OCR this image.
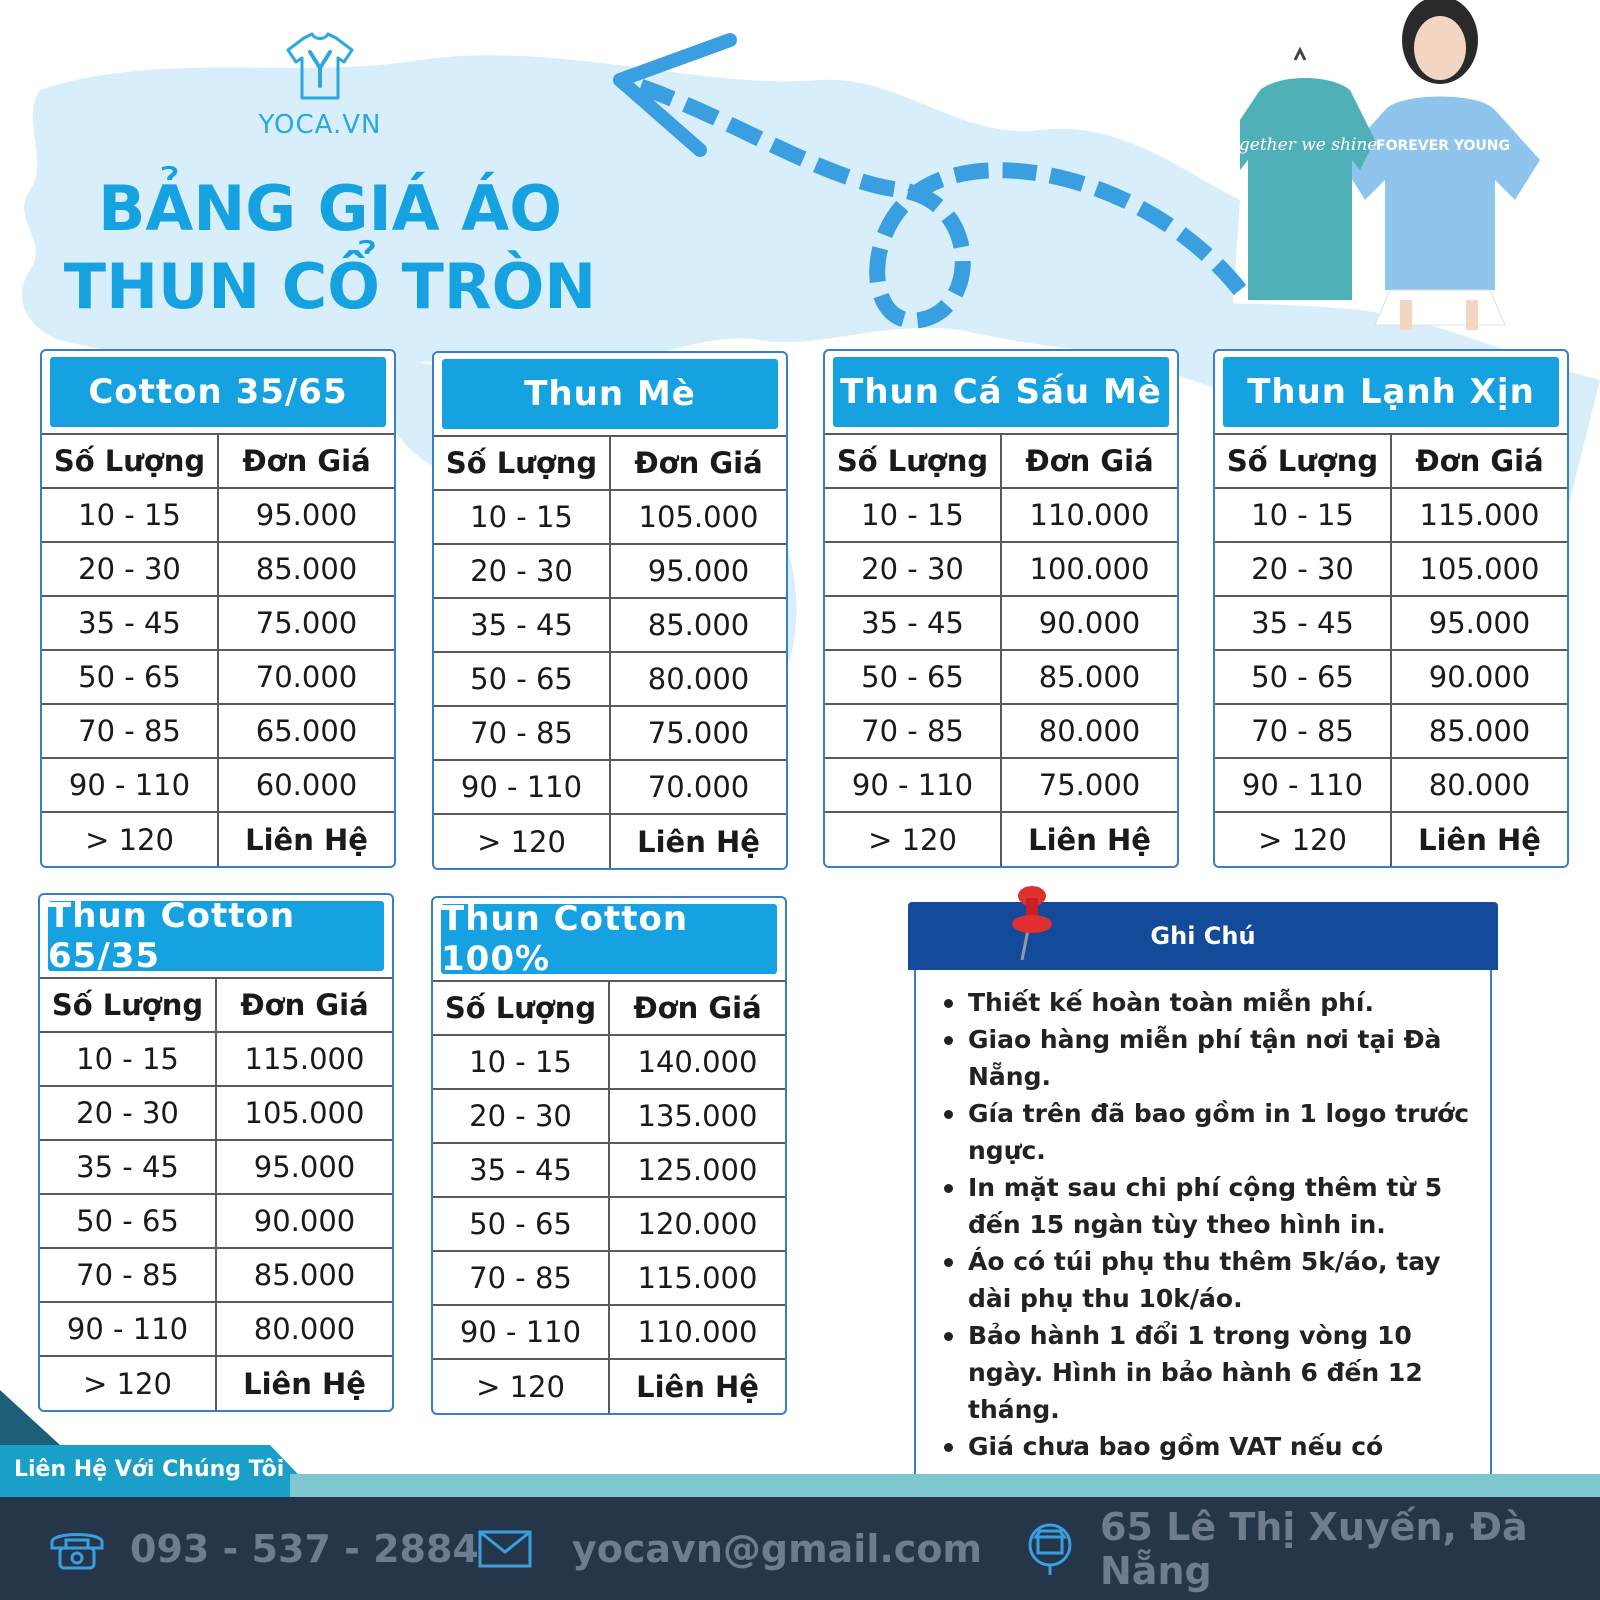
YOCA.VN
BẢNG GIÁ ÁO
THUN CỔ TRÒN
Together we shine
FOREVER YOUNG
Cotton 35/65
Số Lượng	Đơn Giá
10 - 15	95.000
20 - 30	85.000
35 - 45	75.000
50 - 65	70.000
70 - 85	65.000
90 - 110	60.000
> 120	Liên Hệ
Thun Mè
Số Lượng	Đơn Giá
10 - 15	105.000
20 - 30	95.000
35 - 45	85.000
50 - 65	80.000
70 - 85	75.000
90 - 110	70.000
> 120	Liên Hệ
Thun Cá Sấu Mè
Số Lượng	Đơn Giá
10 - 15	110.000
20 - 30	100.000
35 - 45	90.000
50 - 65	85.000
70 - 85	80.000
90 - 110	75.000
> 120	Liên Hệ
Thun Lạnh Xịn
Số Lượng	Đơn Giá
10 - 15	115.000
20 - 30	105.000
35 - 45	95.000
50 - 65	90.000
70 - 85	85.000
90 - 110	80.000
> 120	Liên Hệ
Thun Cotton 65/35
Số Lượng	Đơn Giá
10 - 15	115.000
20 - 30	105.000
35 - 45	95.000
50 - 65	90.000
70 - 85	85.000
90 - 110	80.000
> 120	Liên Hệ
Thun Cotton 100%
Số Lượng	Đơn Giá
10 - 15	140.000
20 - 30	135.000
35 - 45	125.000
50 - 65	120.000
70 - 85	115.000
90 - 110	110.000
> 120	Liên Hệ
Ghi Chú
Thiết kế hoàn toàn miễn phí.
Giao hàng miễn phí tận nơi tại Đà Nẵng.
Gía trên đã bao gồm in 1 logo trước ngực.
In mặt sau chi phí cộng thêm từ 5 đến 15 ngàn tùy theo hình in.
Áo có túi phụ thu thêm 5k/áo, tay dài phụ thu 10k/áo.
Bảo hành 1 đổi 1 trong vòng 10 ngày. Hình in bảo hành 6 đến 12 tháng.
Giá chưa bao gồm VAT nếu có
Liên Hệ Với Chúng Tôi
093 - 537 - 2884 yocavn@gmail.com	65 Lê Thị Xuyến, Đà Nẵng
